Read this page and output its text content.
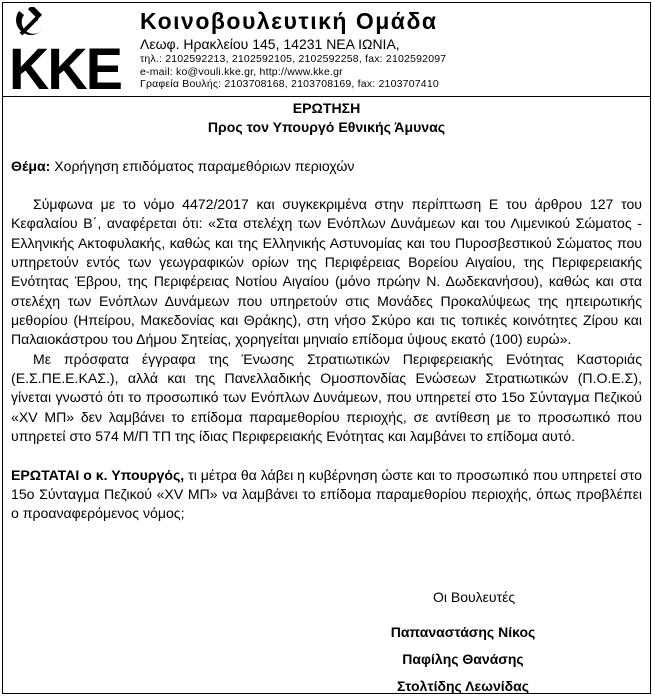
KKE
Κοινοβουλευτική Ομάδα
Λεωφ. Ηρακλείου 145, 14231 ΝΕΑ ΙΩΝΙΑ,
τηλ.: 2102592213, 2102592105, 2102592258, fax: 2102592097
e-mail: ko@vouli.kke.gr, http://www.kke.gr
Γραφεία Βουλής: 2103708168, 2103708169, fax: 2103707410
ΕΡΩΤΗΣΗ
Προς τον Υπουργό Εθνικής Άμυνας
Θέμα: Χορήγηση επιδόματος παραμεθόριων περιοχών
Σύμφωνα με το νόμο 4472/2017 και συγκεκριμένα στην περίπτωση Ε του άρθρου 127 του Κεφαλαίου Β΄, αναφέρεται ότι: «Στα στελέχη των Ενόπλων Δυνάμεων και του Λιμενικού Σώματος - Ελληνικής Ακτοφυλακής, καθώς και της Ελληνικής Αστυνομίας και του Πυροσβεστικού Σώματος που υπηρετούν εντός των γεωγραφικών ορίων της Περιφέρειας Βορείου Αιγαίου, της Περιφερειακής Ενότητας Έβρου, της Περιφέρειας Νοτίου Αιγαίου (μόνο πρώην Ν. Δωδεκανήσου), καθώς και στα στελέχη των Ενόπλων Δυνάμεων που υπηρετούν στις Μονάδες Προκαλύψεως της ηπειρωτικής μεθορίου (Ηπείρου, Μακεδονίας και Θράκης), στη νήσο Σκύρο και τις τοπικές κοινότητες Ζίρου και Παλαιοκάστρου του Δήμου Σητείας, χορηγείται μηνιαίο επίδομα ύψους εκατό (100) ευρώ».
Με πρόσφατα έγγραφα της Ένωσης Στρατιωτικών Περιφερειακής Ενότητας Καστοριάς (Ε.Σ.ΠΕ.Ε.ΚΑΣ.), αλλά και της Πανελλαδικής Ομοσπονδίας Ενώσεων Στρατιωτικών (Π.Ο.Ε.Σ), γίνεται γνωστό ότι το προσωπικό των Ενόπλων Δυνάμεων, που υπηρετεί στο 15ο Σύνταγμα Πεζικού «XV ΜΠ» δεν λαμβάνει το επίδομα παραμεθορίου περιοχής, σε αντίθεση με το προσωπικό που υπηρετεί στο 574 Μ/Π ΤΠ της ίδιας Περιφερειακής Ενότητας και λαμβάνει το επίδομα αυτό.
ΕΡΩΤΑΤΑΙ ο κ. Υπουργός, τι μέτρα θα λάβει η κυβέρνηση ώστε και το προσωπικό που υπηρετεί στο 15ο Σύνταγμα Πεζικού «XV ΜΠ» να λαμβάνει το επίδομα παραμεθορίου περιοχής, όπως προβλέπει ο προαναφερόμενος νόμος;
Οι Βουλευτές
Παπαναστάσης Νίκος
Παφίλης Θανάσης
Στολτίδης Λεωνίδας
